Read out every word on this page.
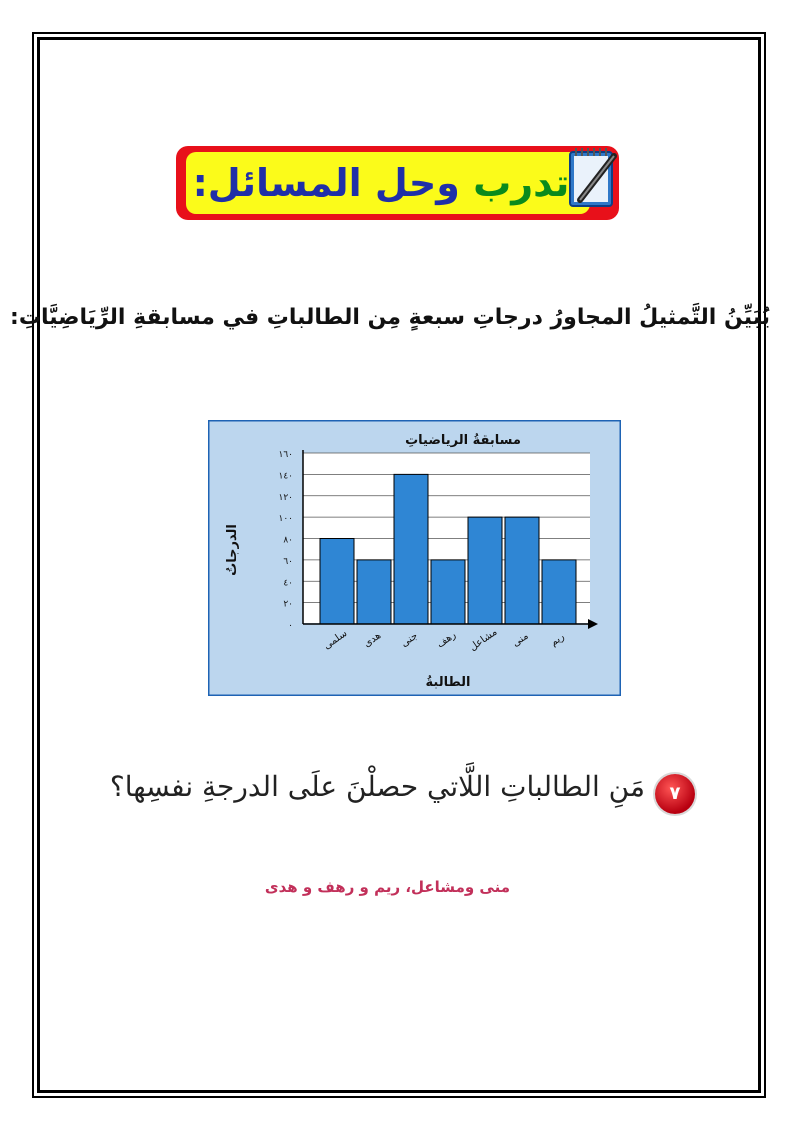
تدرب وحل المسائل:
يُبَيِّنُ التَّمثيلُ المجاورُ درجاتِ سبعةٍ مِن الطالباتِ في مسابقةِ الرِّيَاضِيَّاتِ:
٠
٢٠
٤٠
٦٠
٨٠
١٠٠
١٢٠
١٤٠
١٦٠
سلمى هدى جنى رهف مشاعل منى ريم
مسابقةُ الرياضياتِ
الطالبةُ
الدرجاتُ
٧
مَنِ الطالباتِ اللَّاتي حصلْنَ علَى الدرجةِ نفسِها؟
منى ومشاعل، ريم و رهف و هدى
